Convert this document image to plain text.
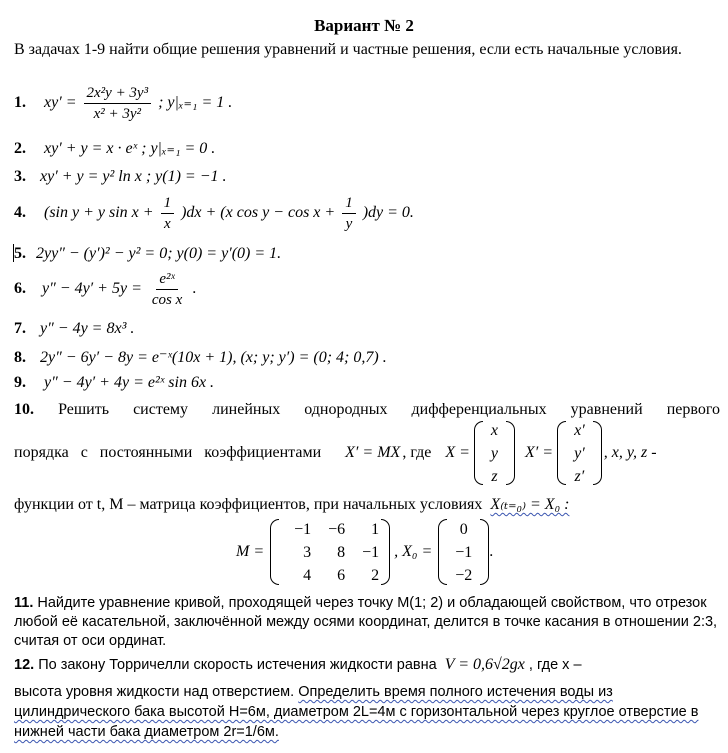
Вариант № 2
В задачах 1-9 найти общие решения уравнений и частные решения, если есть начальные условия.
1. $xy' = \frac{\text{2x²y + 3y³}}{\text{x² + 3y²}}$ ; y|ₓ₌₁ = 1 .
2. xy′ + y = x · eˣ ; y|ₓ₌₁ = 0 .
3. xy′ + y = y² ln x ; y(1) = −1 .
4. (sin y + y $\sin x + \frac{1}{x} )dx + (x$ $\cos y - \cos x + \frac{1}{y} )dy = 0$.
5. 2yy″ − (y′)² − y² = 0; y(0) = y′(0) = 1.
6. $y'' - 4y' + 5y = \frac{\text{e²ˣ}}{\text{cos x}}$ .
7. y″ − 4y = 8x³ .
8. 2y″ − 6y′ − 8y = e⁻ˣ(10x + 1), (x; y; y′) = (0; 4; 0,7) .
9. y″ − 4y′ + 4y = e²ˣ sin 6x .
10. Решить систему линейных однородных дифференциальных уравнений первого
порядка с постоянными коэффициентами X′ = MX , где X =
x
y
z
X′ =
x′
y′
z′
, x, y, z -
функции от t, M – матрица коэффициентов, при начальных условиях X₍ₜ₌₀₎ = X₀ :
M =
−1	−6	1
3	8	−1
4	6	2
, X₀ =
0
−1
−2
.
11. Найдите уравнение кривой, проходящей через точку M(1; 2) и обладающей свойством, что отрезок любой её касательной, заключённой между осями координат, делится в точке касания в отношении 2:3, считая от оси ординат.
12. По закону Торричелли скорость истечения жидкости равна V = 0,6√2gx , где x –
высота уровня жидкости над отверстием. Определить время полного истечения воды из цилиндрического бака высотой H=6м, диаметром 2L=4м с горизонтальной через круглое отверстие в нижней части бака диаметром 2r=1/6м.
